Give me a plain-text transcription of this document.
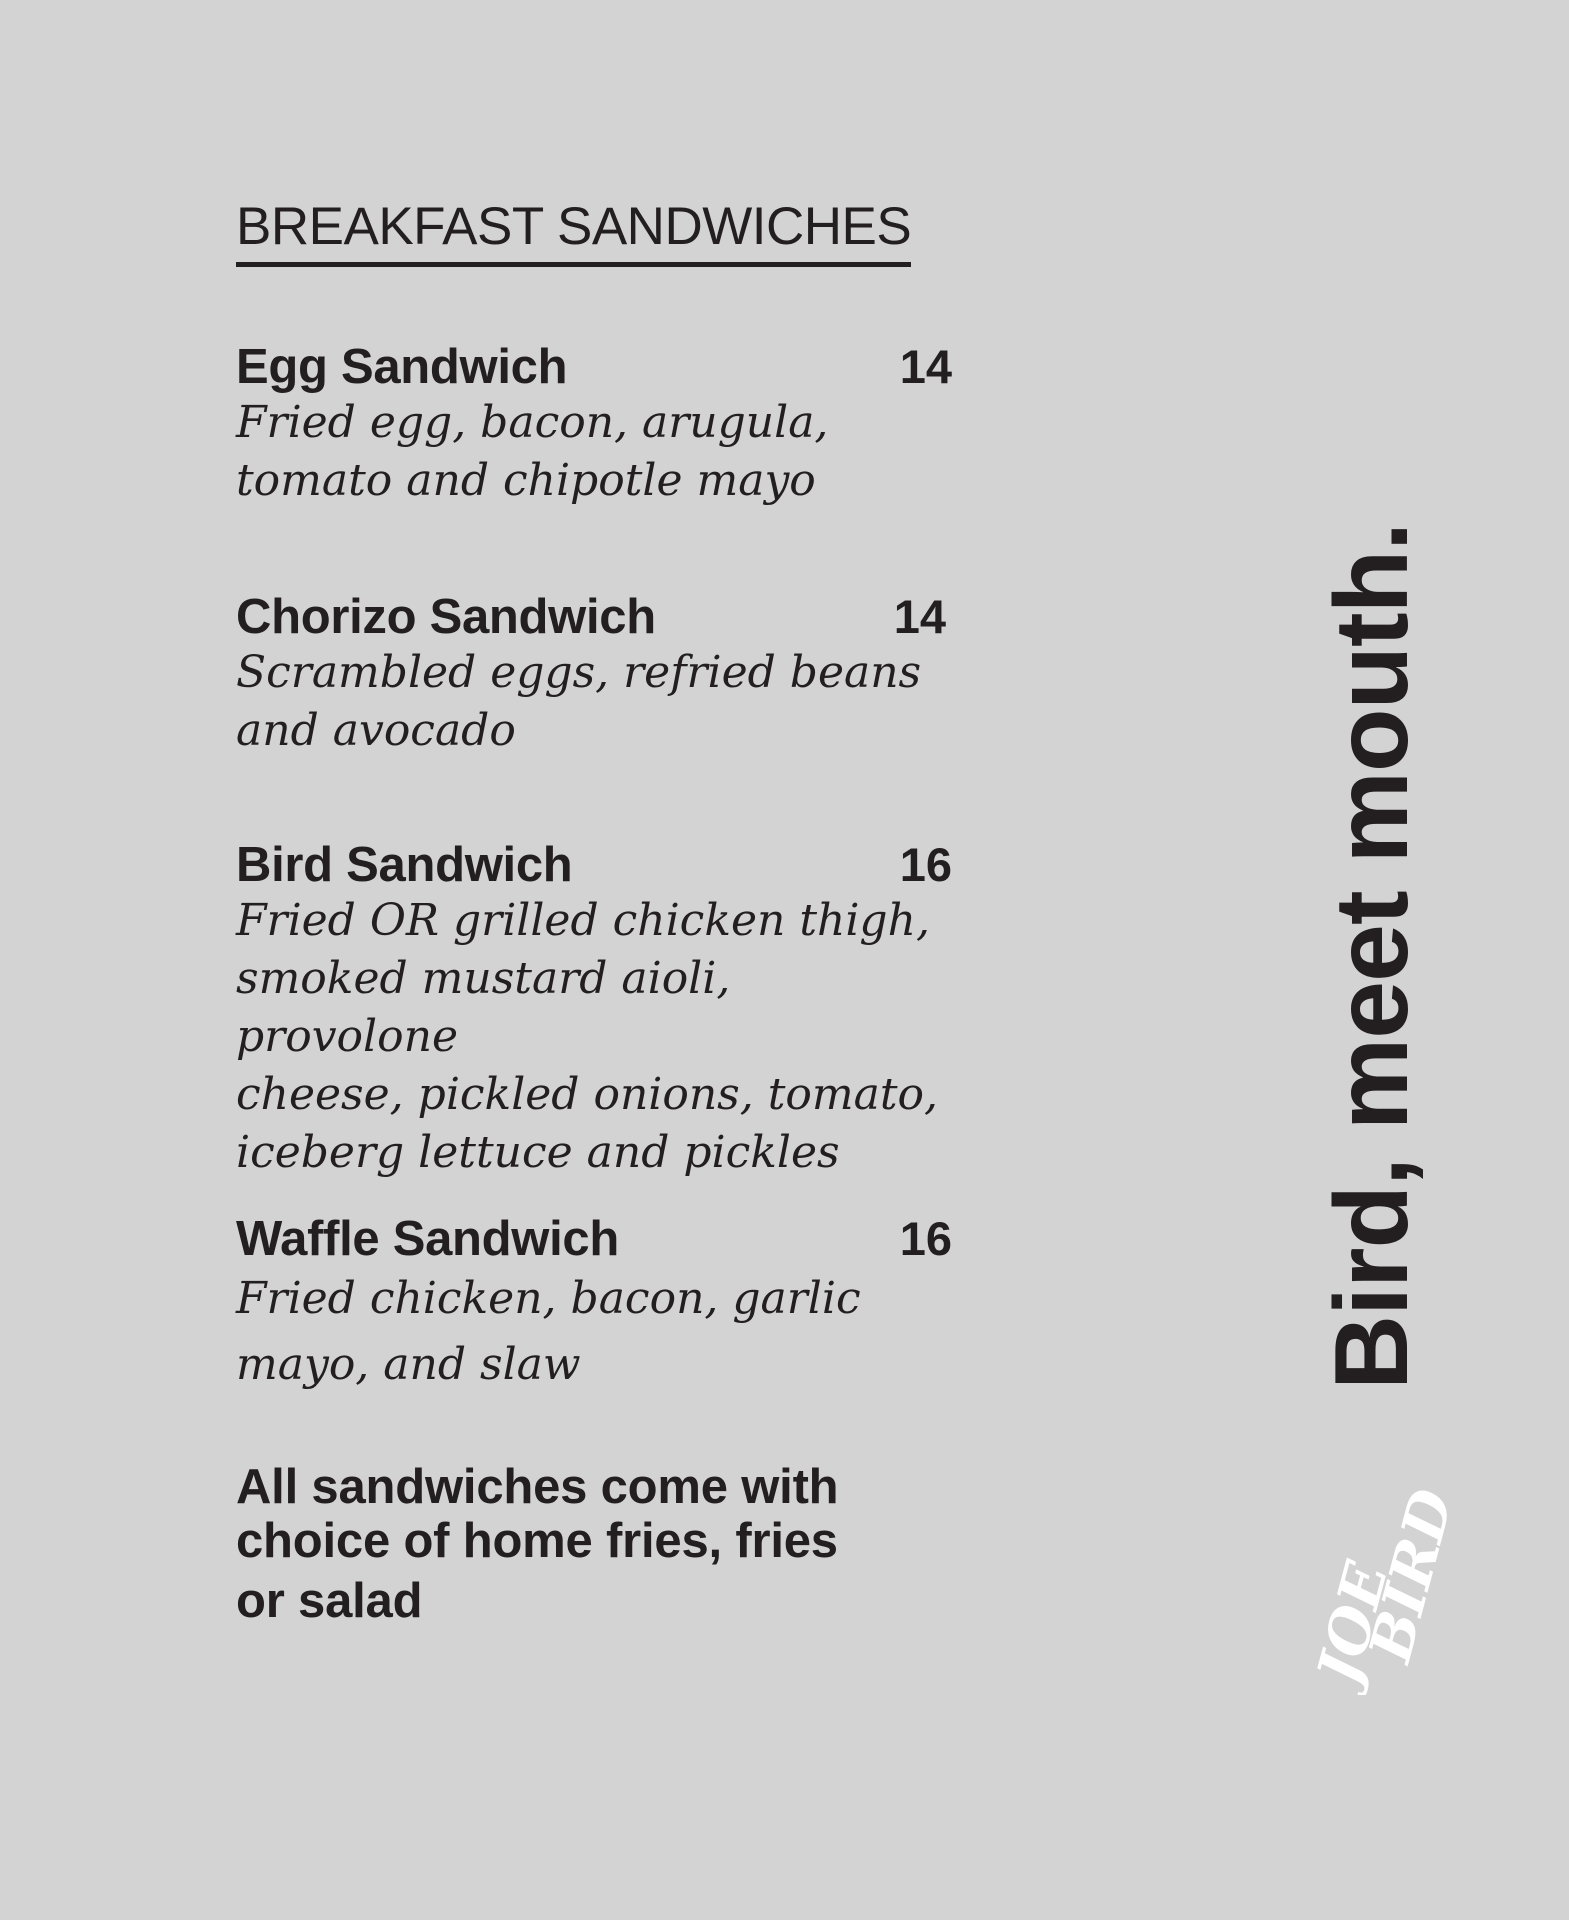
BREAKFAST SANDWICHES
Egg Sandwich	14
Fried egg, bacon, arugula,
tomato and chipotle mayo
Chorizo Sandwich	14
Scrambled eggs, refried beans
and avocado
Bird Sandwich	16
Fried OR grilled chicken thigh,
smoked mustard aioli, provolone
cheese, pickled onions, tomato,
iceberg lettuce and pickles
Waffle Sandwich	16
Fried chicken, bacon, garlic
mayo, and slaw
All sandwiches come with
choice of home fries, fries
or salad
Bird, meet mouth.
JOE
BIRD
